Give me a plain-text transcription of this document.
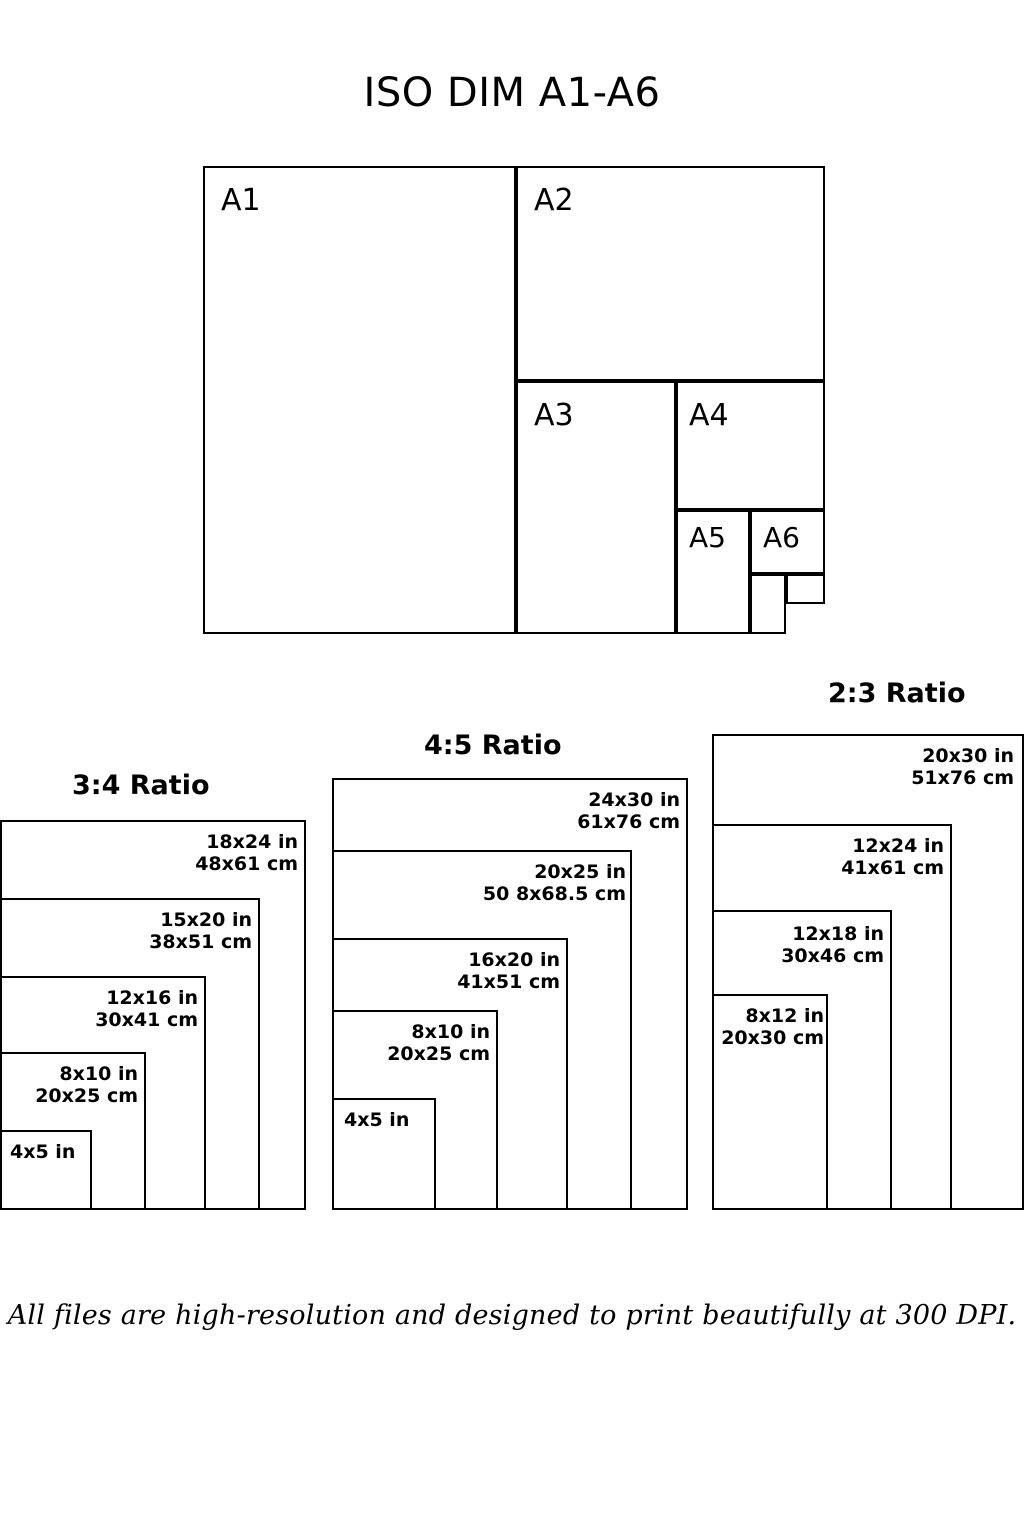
ISO DIM A1-A6
A1	A2
A3	A4
A5 A6
3:4 Ratio
18x24 in
48x61 cm
15x20 in
38x51 cm
12x16 in
30x41 cm
8x10 in
20x25 cm
4x5 in
4:5 Ratio
24x30 in
61x76 cm
20x25 in
50 8x68.5 cm
16x20 in
41x51 cm
8x10 in
20x25 cm
4x5 in
2:3 Ratio
20x30 in
51x76 cm
12x24 in
41x61 cm
12x18 in
30x46 cm
8x12 in
20x30 cm
All files are high-resolution and designed to print beautifully at 300 DPI.
